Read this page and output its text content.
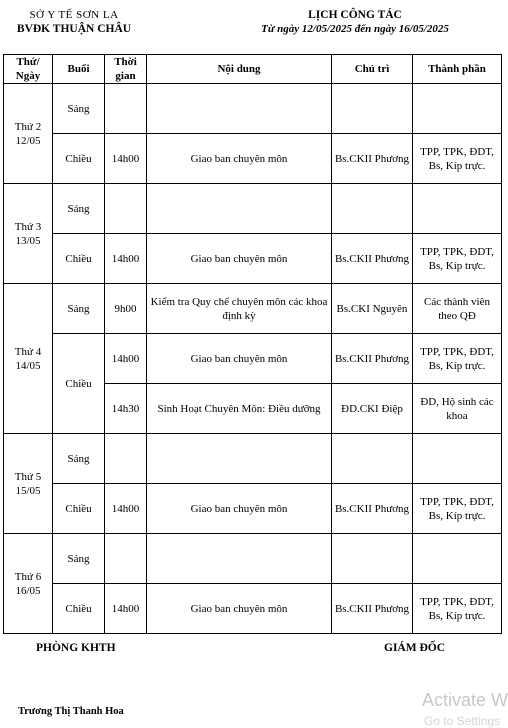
SỞ Y TẾ SƠN LA
BVĐK THUẬN CHÂU
LỊCH CÔNG TÁC
Từ ngày 12/05/2025 đến ngày 16/05/2025
Thứ/ Ngày	Buổi	Thời gian	Nội dung	Chủ trì	Thành phần
Thứ 2 12/05	Sáng				
	Chiều	14h00	Giao ban chuyên môn	Bs.CKII Phương	TPP, TPK, ĐDT, Bs, Kíp trực.
Thứ 3 13/05	Sáng				
	Chiều	14h00	Giao ban chuyên môn	Bs.CKII Phương	TPP, TPK, ĐDT, Bs, Kíp trực.
Thứ 4 14/05	Sáng	9h00	Kiểm tra Quy chế chuyên môn các khoa định kỳ	Bs.CKI Nguyên	Các thành viên theo QĐ
	Chiều	14h00	Giao ban chuyên môn	Bs.CKII Phương	TPP, TPK, ĐDT, Bs, Kíp trực.
		14h30	Sinh Hoạt Chuyên Môn: Điều dưỡng	ĐD.CKI Điệp	ĐD, Hộ sinh các khoa
Thứ 5 15/05	Sáng				
	Chiều	14h00	Giao ban chuyên môn	Bs.CKII Phương	TPP, TPK, ĐDT, Bs, Kíp trực.
Thứ 6 16/05	Sáng				
	Chiều	14h00	Giao ban chuyên môn	Bs.CKII Phương	TPP, TPK, ĐDT, Bs, Kíp trực.
PHÒNG KHTH	GIÁM ĐỐC
Trương Thị Thanh Hoa
Activate W
Go to Settings
